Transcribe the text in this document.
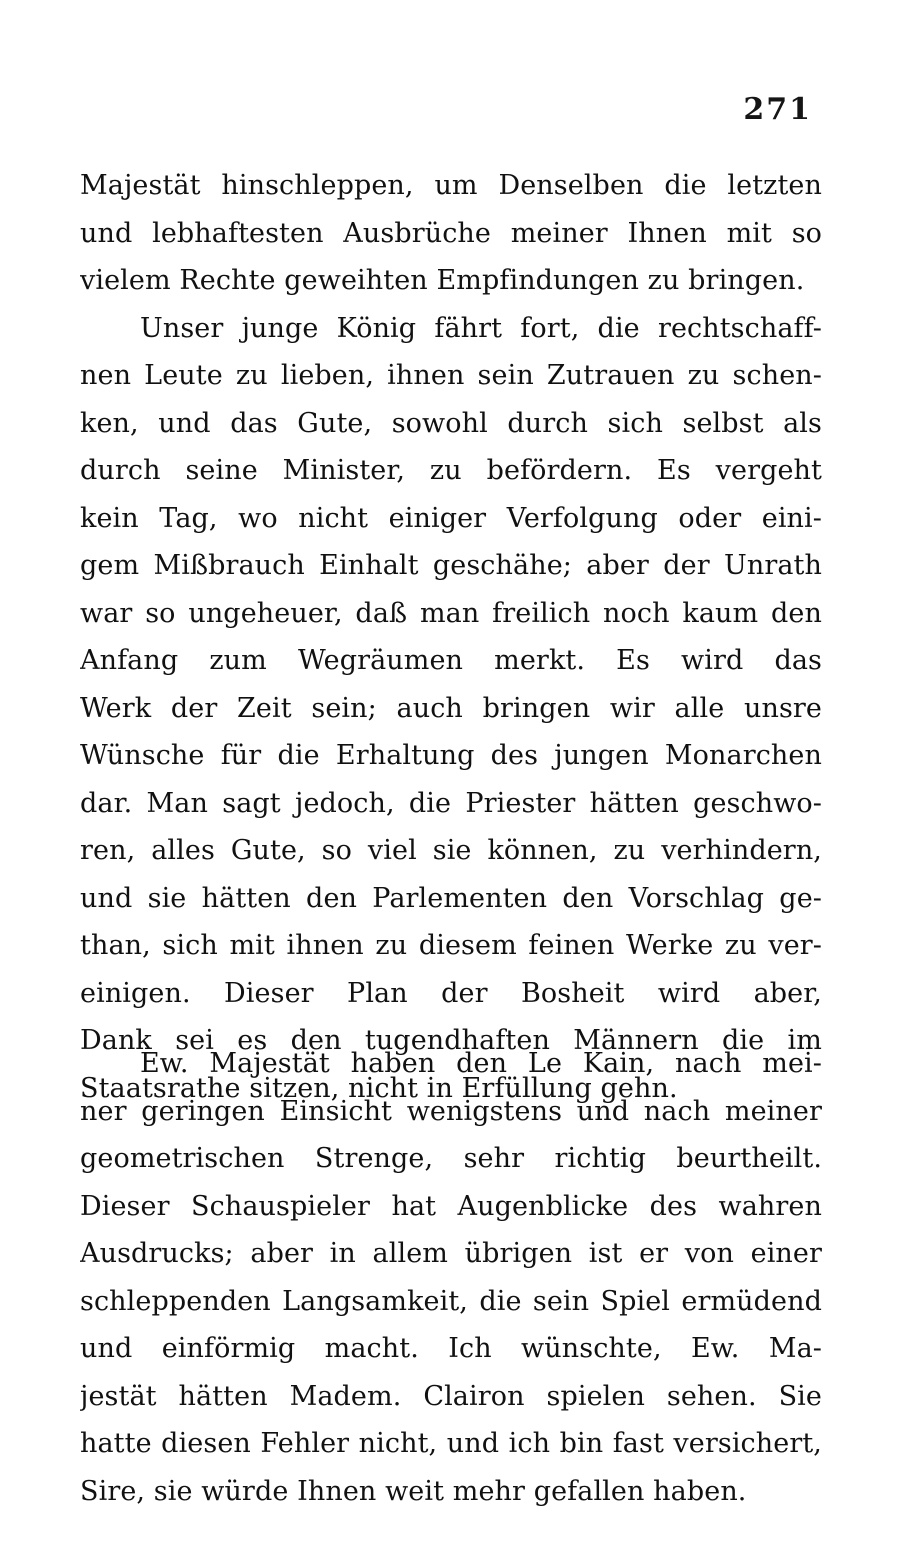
271
Majestät hinschleppen, um Denselben die letzten
und lebhaftesten Ausbrüche meiner Ihnen mit so
vielem Rechte geweihten Empfindungen zu bringen.
Unser junge König fährt fort, die rechtschaff-
nen Leute zu lieben, ihnen sein Zutrauen zu schen-
ken, und das Gute, sowohl durch sich selbst als
durch seine Minister, zu befördern. Es vergeht
kein Tag, wo nicht einiger Verfolgung oder eini-
gem Mißbrauch Einhalt geschähe; aber der Unrath
war so ungeheuer, daß man freilich noch kaum den
Anfang zum Wegräumen merkt. Es wird das
Werk der Zeit sein; auch bringen wir alle unsre
Wünsche für die Erhaltung des jungen Monarchen
dar. Man sagt jedoch, die Priester hätten geschwo-
ren, alles Gute, so viel sie können, zu verhindern,
und sie hätten den Parlementen den Vorschlag ge-
than, sich mit ihnen zu diesem feinen Werke zu ver-
einigen. Dieser Plan der Bosheit wird aber,
Dank sei es den tugendhaften Männern die im
Staatsrathe sitzen, nicht in Erfüllung gehn.
Ew. Majestät haben den Le Kain, nach mei-
ner geringen Einsicht wenigstens und nach meiner
geometrischen Strenge, sehr richtig beurtheilt.
Dieser Schauspieler hat Augenblicke des wahren
Ausdrucks; aber in allem übrigen ist er von einer
schleppenden Langsamkeit, die sein Spiel ermüdend
und einförmig macht. Ich wünschte, Ew. Ma-
jestät hätten Madem. Clairon spielen sehen. Sie
hatte diesen Fehler nicht, und ich bin fast versichert,
Sire, sie würde Ihnen weit mehr gefallen haben.
